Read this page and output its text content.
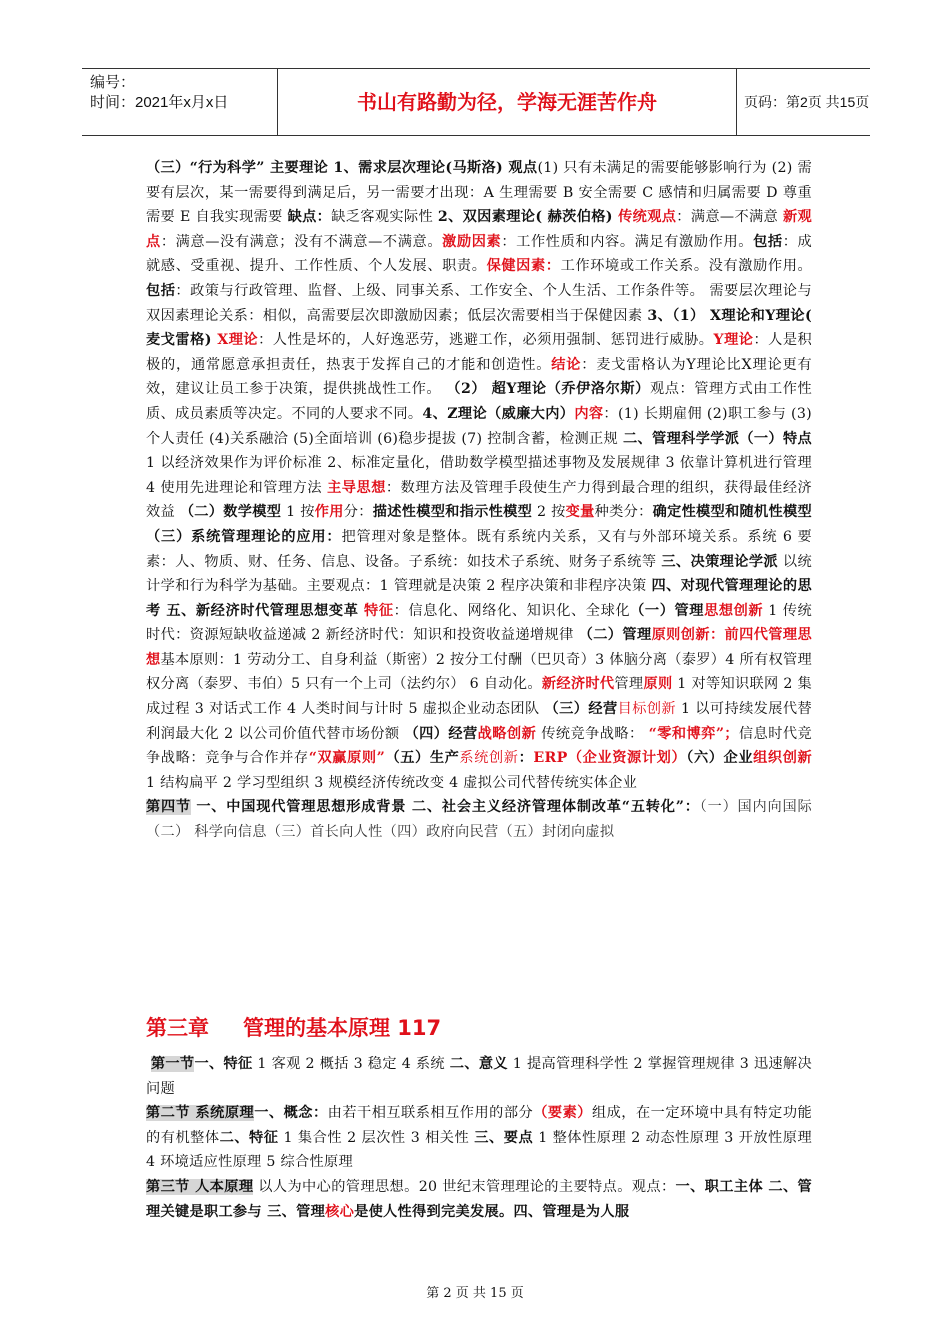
编号：
时间：2021年x月x日	书山有路勤为径，学海无涯苦作舟	页码：第2页 共15页

（三）“行为科学” 主要理论 1、需求层次理论(马斯洛) 观点(1) 只有未满足的需要能够影响行为 (2) 需要有层次，某一需要得到满足后，另一需要才出现：A 生理需要 B 安全需要 C 感情和归属需要 D 尊重需要 E 自我实现需要 缺点：缺乏客观实际性 2、双因素理论( 赫茨伯格) 传统观点：满意—不满意 新观点：满意—没有满意；没有不满意—不满意。激励因素：工作性质和内容。满足有激励作用。包括：成就感、受重视、提升、工作性质、个人发展、职责。保健因素：工作环境或工作关系。没有激励作用。包括：政策与行政管理、监督、上级、同事关系、工作安全、个人生活、工作条件等。 需要层次理论与双因素理论关系：相似，高需要层次即激励因素；低层次需要相当于保健因素 3、（1） X理论和Y理论( 麦戈雷格) X理论：人性是坏的，人好逸恶劳，逃避工作，必须用强制、惩罚进行威胁。Y理论：人是积极的，通常愿意承担责任，热衷于发挥自己的才能和创造性。结论：麦戈雷格认为Y理论比X理论更有效，建议让员工参于决策，提供挑战性工作。 （2） 超Y理论（乔伊洛尔斯）观点：管理方式由工作性质、成员素质等决定。不同的人要求不同。4、Z理论（威廉大内）内容：(1) 长期雇佣 (2)职工参与 (3)个人责任 (4)关系融洽 (5)全面培训 (6)稳步提拔 (7) 控制含蓄，检测正规 二、管理科学学派（一）特点 1 以经济效果作为评价标准 2、标准定量化，借助数学模型描述事物及发展规律 3 依靠计算机进行管理 4 使用先进理论和管理方法 主导思想：数理方法及管理手段使生产力得到最合理的组织，获得最佳经济效益 （二）数学模型 1 按作用分：描述性模型和指示性模型 2 按变量种类分：确定性模型和随机性模型（三）系统管理理论的应用：把管理对象是整体。既有系统内关系，又有与外部环境关系。系统 6 要素：人、物质、财、任务、信息、设备。子系统：如技术子系统、财务子系统等 三、决策理论学派 以统计学和行为科学为基础。主要观点：1 管理就是决策 2 程序决策和非程序决策 四、对现代管理理论的思考 五、新经济时代管理思想变革 特征：信息化、网络化、知识化、全球化（一）管理思想创新 1 传统时代：资源短缺收益递减 2 新经济时代：知识和投资收益递增规律 （二）管理原则创新：前四代管理思想基本原则：1 劳动分工、自身利益（斯密）2 按分工付酬（巴贝奇）3 体脑分离（泰罗）4 所有权管理权分离（泰罗、韦伯）5 只有一个上司（法约尔） 6 自动化。新经济时代管理原则 1 对等知识联网 2 集成过程 3 对话式工作 4 人类时间与计时 5 虚拟企业动态团队 （三）经营目标创新 1 以可持续发展代替利润最大化 2 以公司价值代替市场份额 （四）经营战略创新 传统竞争战略： “零和博弈”；信息时代竞争战略：竞争与合作并存“双赢原则”（五）生产系统创新：ERP（企业资源计划）（六）企业组织创新 1 结构扁平 2 学习型组织 3 规模经济传统改变 4 虚拟公司代替传统实体企业

第四节 一、中国现代管理思想形成背景 二、社会主义经济管理体制改革“五转化”：（一）国内向国际（二） 科学向信息（三）首长向人性（四）政府向民营（五）封闭向虚拟

第三章 管理的基本原理 117

第一节一、特征 1 客观 2 概括 3 稳定 4 系统 二、意义 1 提高管理科学性 2 掌握管理规律 3 迅速解决问题

第二节 系统原理一、概念：由若干相互联系相互作用的部分（要素）组成，在一定环境中具有特定功能的有机整体二、特征 1 集合性 2 层次性 3 相关性 三、要点 1 整体性原理 2 动态性原理 3 开放性原理 4 环境适应性原理 5 综合性原理

第三节 人本原理 以人为中心的管理思想。20 世纪末管理理论的主要特点。观点：一、职工主体 二、管理关键是职工参与 三、管理核心是使人性得到完美发展。四、管理是为人服

第 2 页 共 15 页
